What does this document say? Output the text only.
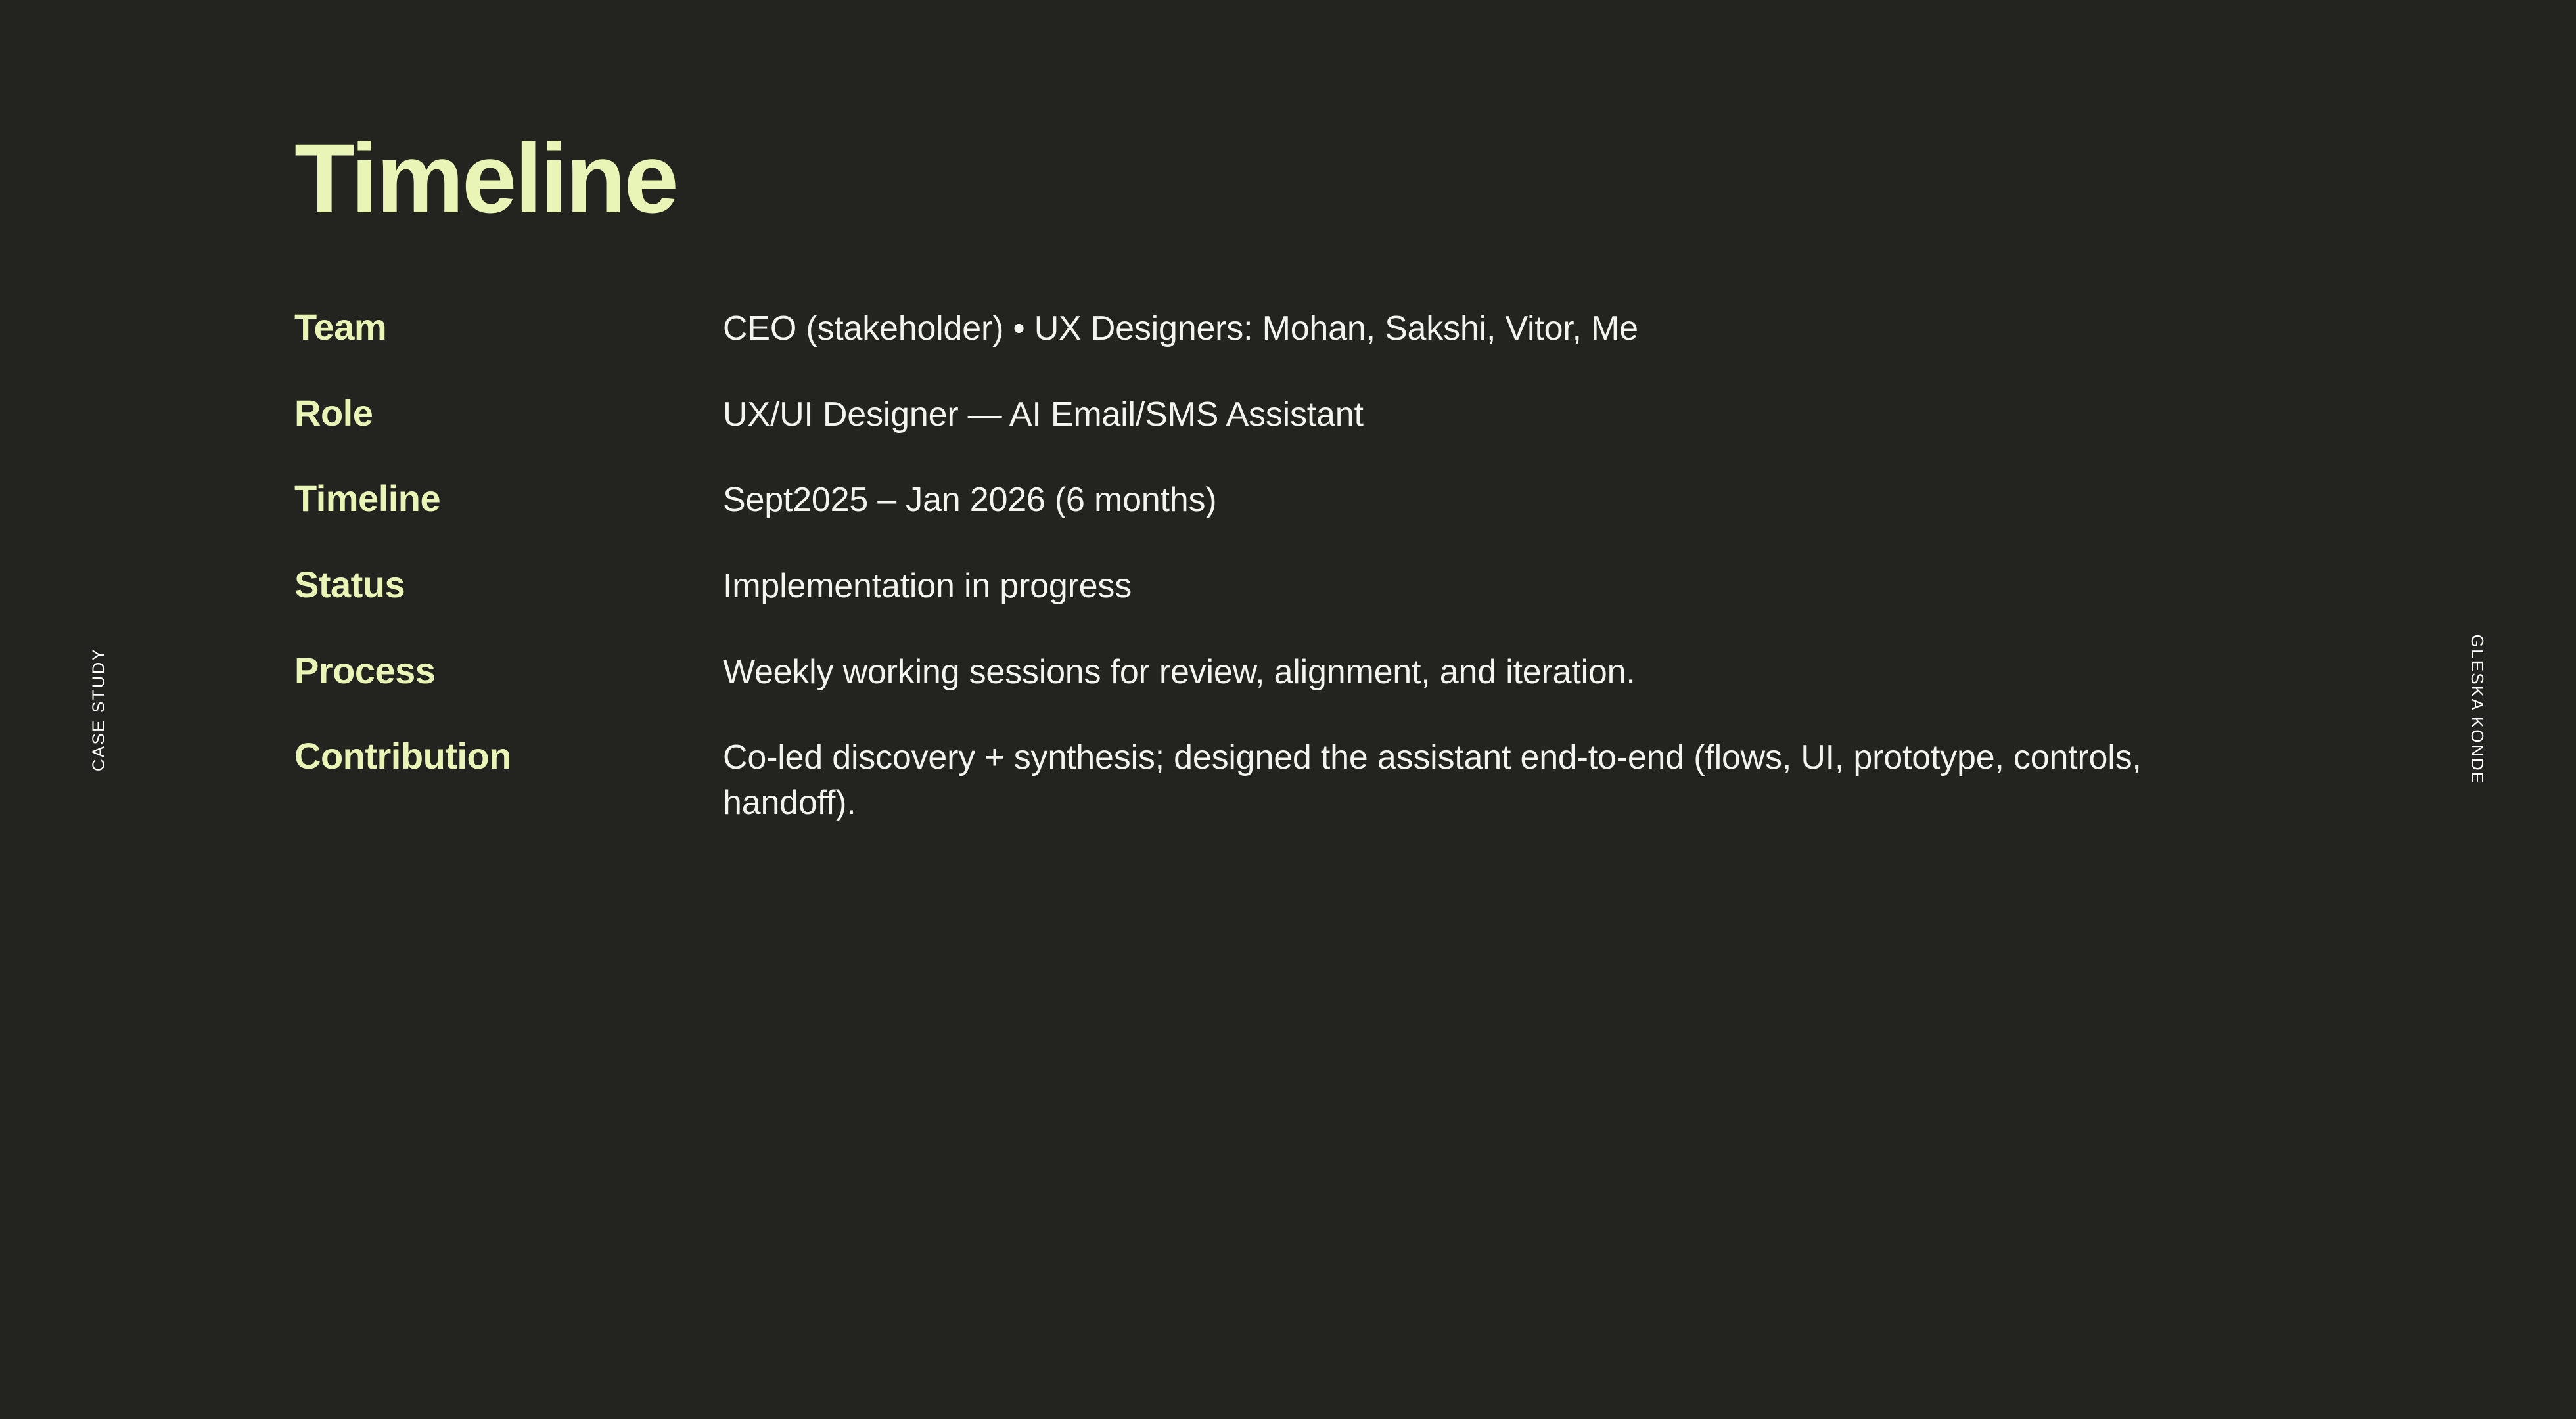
CASE STUDY	GLESKA KONDE
Timeline
Team	CEO (stakeholder) • UX Designers: Mohan, Sakshi, Vitor, Me
Role	UX/UI Designer — AI Email/SMS Assistant
Timeline	Sept2025 – Jan 2026 (6 months)
Status	Implementation in progress
Process	Weekly working sessions for review, alignment, and iteration.
Contribution	Co-led discovery + synthesis; designed the assistant end-to-end (flows, UI, prototype, controls, handoff).
